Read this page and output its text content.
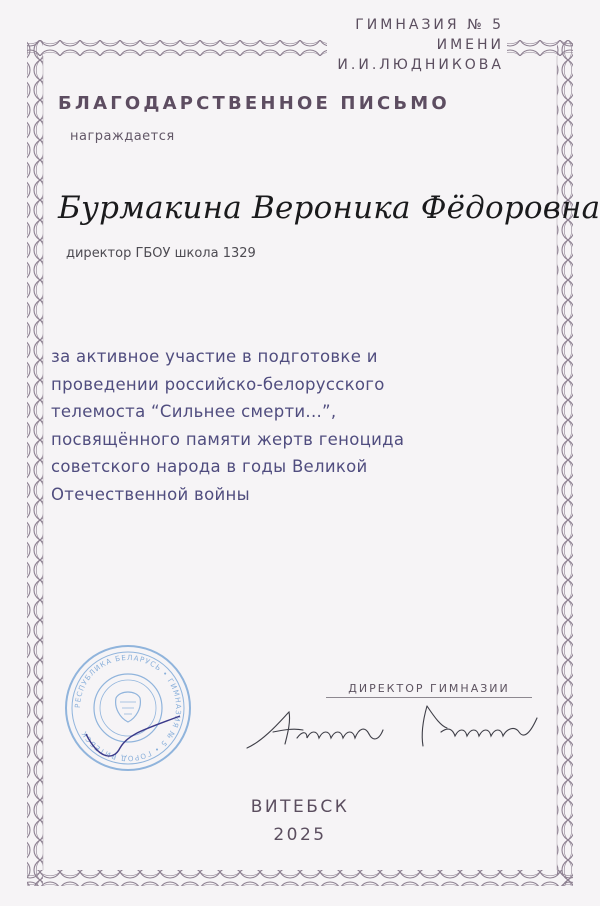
ГИМНАЗИЯ № 5
ИМЕНИ
И.И.ЛЮДНИКОВА
БЛАГОДАРСТВЕННОЕ ПИСЬМО
награждается
Бурмакина Вероника Фёдоровна
директор ГБОУ школа 1329
за активное участие в подготовке и
проведении российско-белорусского
телемоста “Сильнее смерти...”,
посвящённого памяти жертв геноцида
советского народа в годы Великой
Отечественной войны
РЕСПУБЛИКА БЕЛАРУСЬ • ГИМНАЗИЯ № 5 • ГОРОД ВИТЕБСК
ДИРЕКТОР ГИМНАЗИИ
ВИТЕБСК
2025
